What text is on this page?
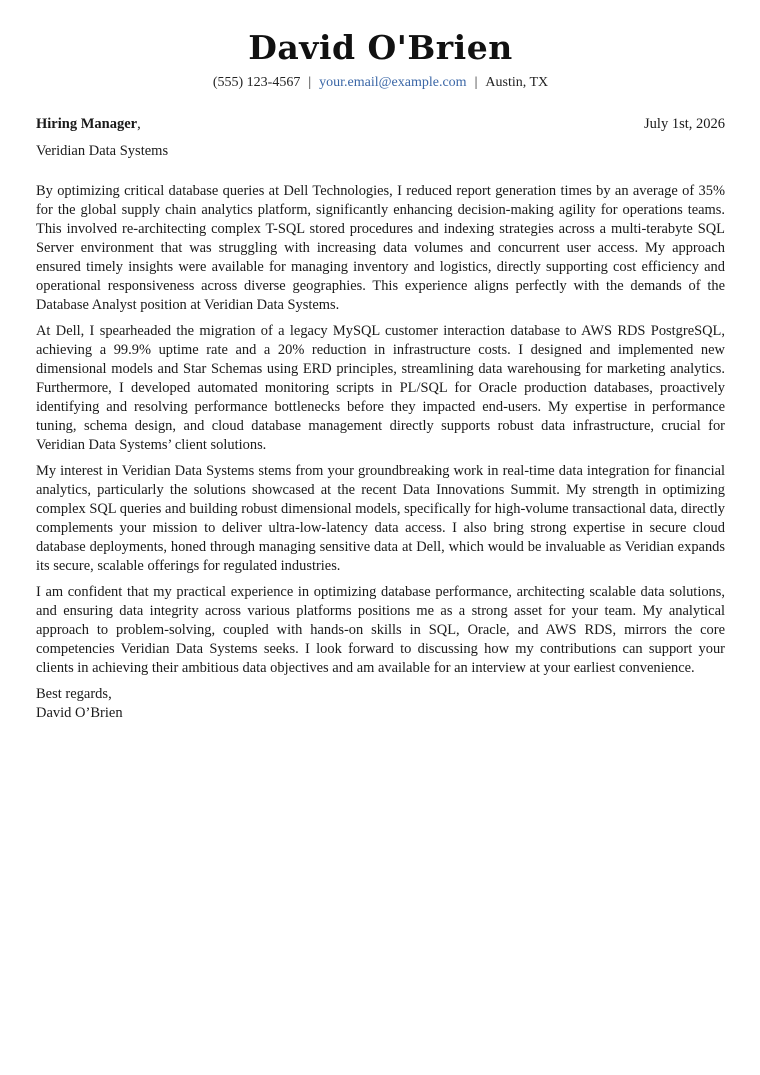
David O'Brien
(555) 123-4567 | your.email@example.com | Austin, TX
Hiring Manager,	July 1st, 2026
Veridian Data Systems

By optimizing critical database queries at Dell Technologies, I reduced report generation times by an average of 35% for the global supply chain analytics platform, significantly enhancing decision-making agility for operations teams. This involved re-architecting complex T-SQL stored procedures and indexing strategies across a multi-terabyte SQL Server environment that was struggling with increasing data volumes and concurrent user access. My approach ensured timely insights were available for managing inventory and logistics, directly supporting cost efficiency and operational responsiveness across diverse geographies. This experience aligns perfectly with the demands of the Database Analyst position at Veridian Data Systems.

At Dell, I spearheaded the migration of a legacy MySQL customer interaction database to AWS RDS PostgreSQL, achieving a 99.9% uptime rate and a 20% reduction in infrastructure costs. I designed and implemented new dimensional models and Star Schemas using ERD principles, streamlining data warehousing for marketing analytics. Furthermore, I developed automated monitoring scripts in PL/SQL for Oracle production databases, proactively identifying and resolving performance bottlenecks before they impacted end-users. My expertise in performance tuning, schema design, and cloud database management directly supports robust data infrastructure, crucial for Veridian Data Systems’ client solutions.

My interest in Veridian Data Systems stems from your groundbreaking work in real-time data integration for financial analytics, particularly the solutions showcased at the recent Data Innovations Summit. My strength in optimizing complex SQL queries and building robust dimensional models, specifically for high-volume transactional data, directly complements your mission to deliver ultra-low-latency data access. I also bring strong expertise in secure cloud database deployments, honed through managing sensitive data at Dell, which would be invaluable as Veridian expands its secure, scalable offerings for regulated industries.

I am confident that my practical experience in optimizing database performance, architecting scalable data solutions, and ensuring data integrity across various platforms positions me as a strong asset for your team. My analytical approach to problem-solving, coupled with hands-on skills in SQL, Oracle, and AWS RDS, mirrors the core competencies Veridian Data Systems seeks. I look forward to discussing how my contributions can support your clients in achieving their ambitious data objectives and am available for an interview at your earliest convenience.

Best regards,
David O’Brien
